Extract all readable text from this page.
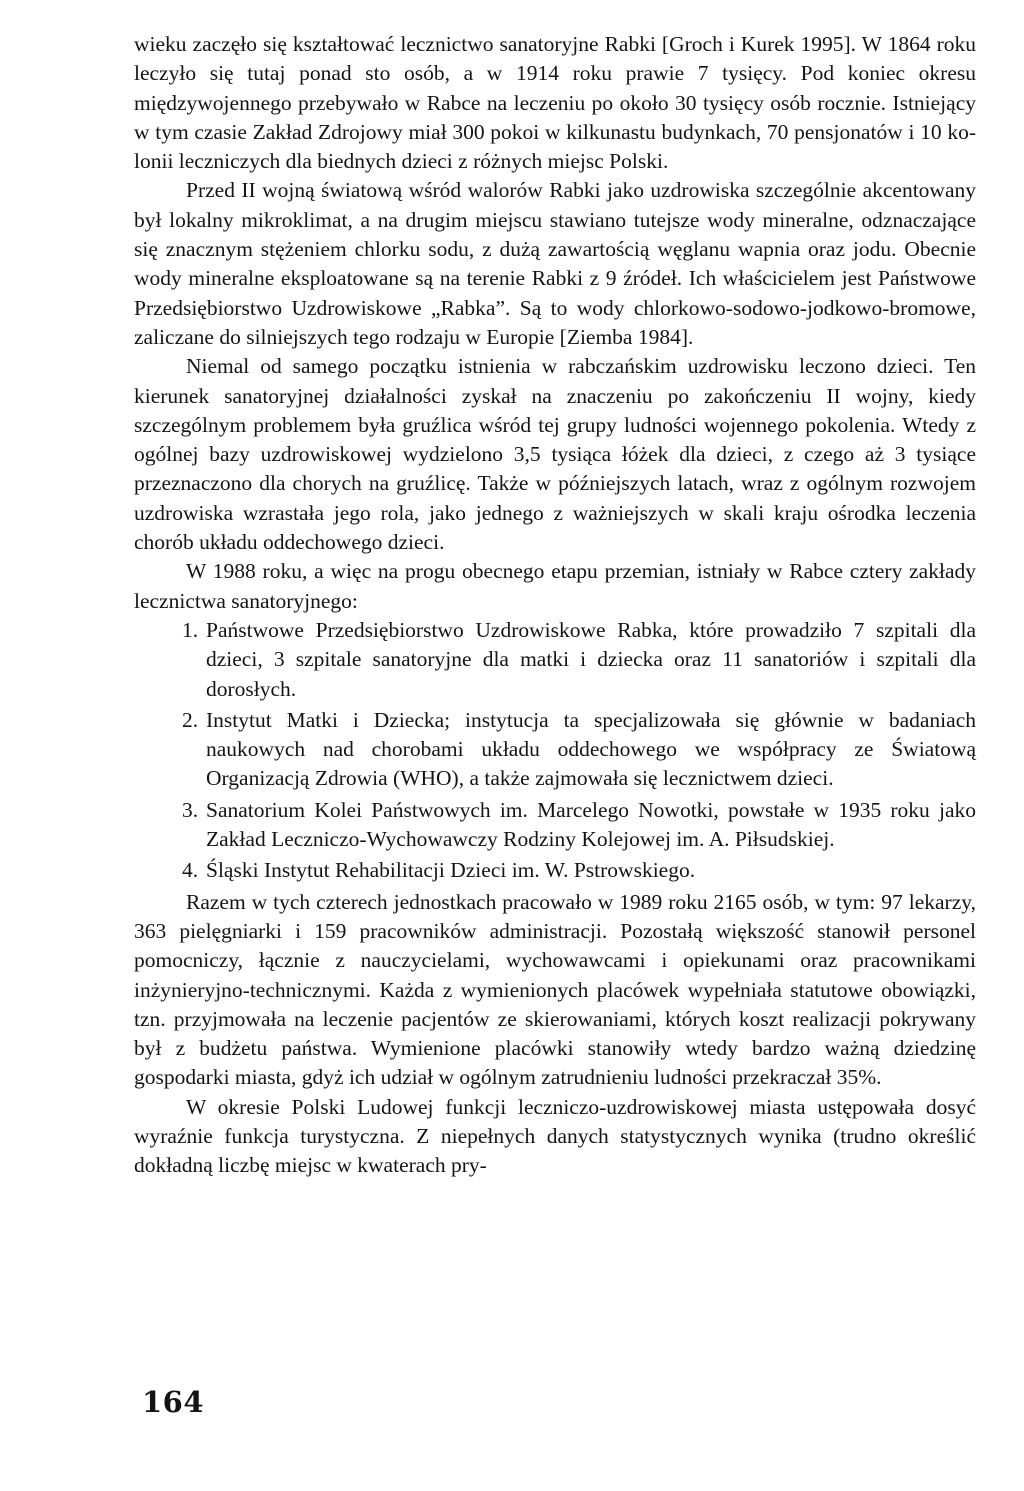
wieku zaczęło się kształtować lecznictwo sanatoryjne Rabki [Groch i Kurek 1995]. W 1864 roku leczyło się tutaj ponad sto osób, a w 1914 roku prawie 7 tysięcy. Pod koniec okresu międzywojennego przebywało w Rabce na leczeniu po około 30 tysięcy osób rocznie. Istniejący w tym czasie Zakład Zdrojowy miał 300 pokoi w kilkunastu budynkach, 70 pensjonatów i 10 kolonii leczniczych dla biednych dzieci z różnych miejsc Polski.

Przed II wojną światową wśród walorów Rabki jako uzdrowiska szczególnie akcentowany był lokalny mikroklimat, a na drugim miejscu stawiano tutejsze wody mineralne, odznaczające się znacznym stężeniem chlorku sodu, z dużą zawartością węglanu wapnia oraz jodu. Obecnie wody mineralne eksploatowane są na terenie Rabki z 9 źródeł. Ich właścicielem jest Państwowe Przedsiębiorstwo Uzdrowiskowe „Rabka”. Są to wody chlorkowo-sodowo-jodkowo-bromowe, zaliczane do silniejszych tego rodzaju w Europie [Ziemba 1984].

Niemal od samego początku istnienia w rabczańskim uzdrowisku leczono dzieci. Ten kierunek sanatoryjnej działalności zyskał na znaczeniu po zakończeniu II wojny, kiedy szczególnym problemem była gruźlica wśród tej grupy ludności wojennego pokolenia. Wtedy z ogólnej bazy uzdrowiskowej wydzielono 3,5 tysiąca łóżek dla dzieci, z czego aż 3 tysiące przeznaczono dla chorych na gruźlicę. Także w późniejszych latach, wraz z ogólnym rozwojem uzdrowiska wzrastała jego rola, jako jednego z ważniejszych w skali kraju ośrodka leczenia chorób układu oddechowego dzieci.

W 1988 roku, a więc na progu obecnego etapu przemian, istniały w Rabce cztery zakłady lecznictwa sanatoryjnego:

1. Państwowe Przedsiębiorstwo Uzdrowiskowe Rabka, które prowadziło 7 szpitali dla dzieci, 3 szpitale sanatoryjne dla matki i dziecka oraz 11 sanatoriów i szpitali dla dorosłych.
2. Instytut Matki i Dziecka; instytucja ta specjalizowała się głównie w badaniach naukowych nad chorobami układu oddechowego we współpracy ze Światową Organizacją Zdrowia (WHO), a także zajmowała się lecznictwem dzieci.
3. Sanatorium Kolei Państwowych im. Marcelego Nowotki, powstałe w 1935 roku jako Zakład Leczniczo-Wychowawczy Rodziny Kolejowej im. A. Piłsudskiej.
4. Śląski Instytut Rehabilitacji Dzieci im. W. Pstrowskiego.

Razem w tych czterech jednostkach pracowało w 1989 roku 2165 osób, w tym: 97 lekarzy, 363 pielęgniarki i 159 pracowników administracji. Pozostałą większość stanowił personel pomocniczy, łącznie z nauczycielami, wychowawcami i opiekunami oraz pracownikami inżynieryjno-technicznymi. Każda z wymienionych placówek wypełniała statutowe obowiązki, tzn. przyjmowała na leczenie pacjentów ze skierowaniami, których koszt realizacji pokrywany był z budżetu państwa. Wymienione placówki stanowiły wtedy bardzo ważną dziedzinę gospodarki miasta, gdyż ich udział w ogólnym zatrudnieniu ludności przekraczał 35%.

W okresie Polski Ludowej funkcji leczniczo-uzdrowiskowej miasta ustępowała dosyć wyraźnie funkcja turystyczna. Z niepełnych danych statystycznych wynika (trudno określić dokładną liczbę miejsc w kwaterach pry-

164
